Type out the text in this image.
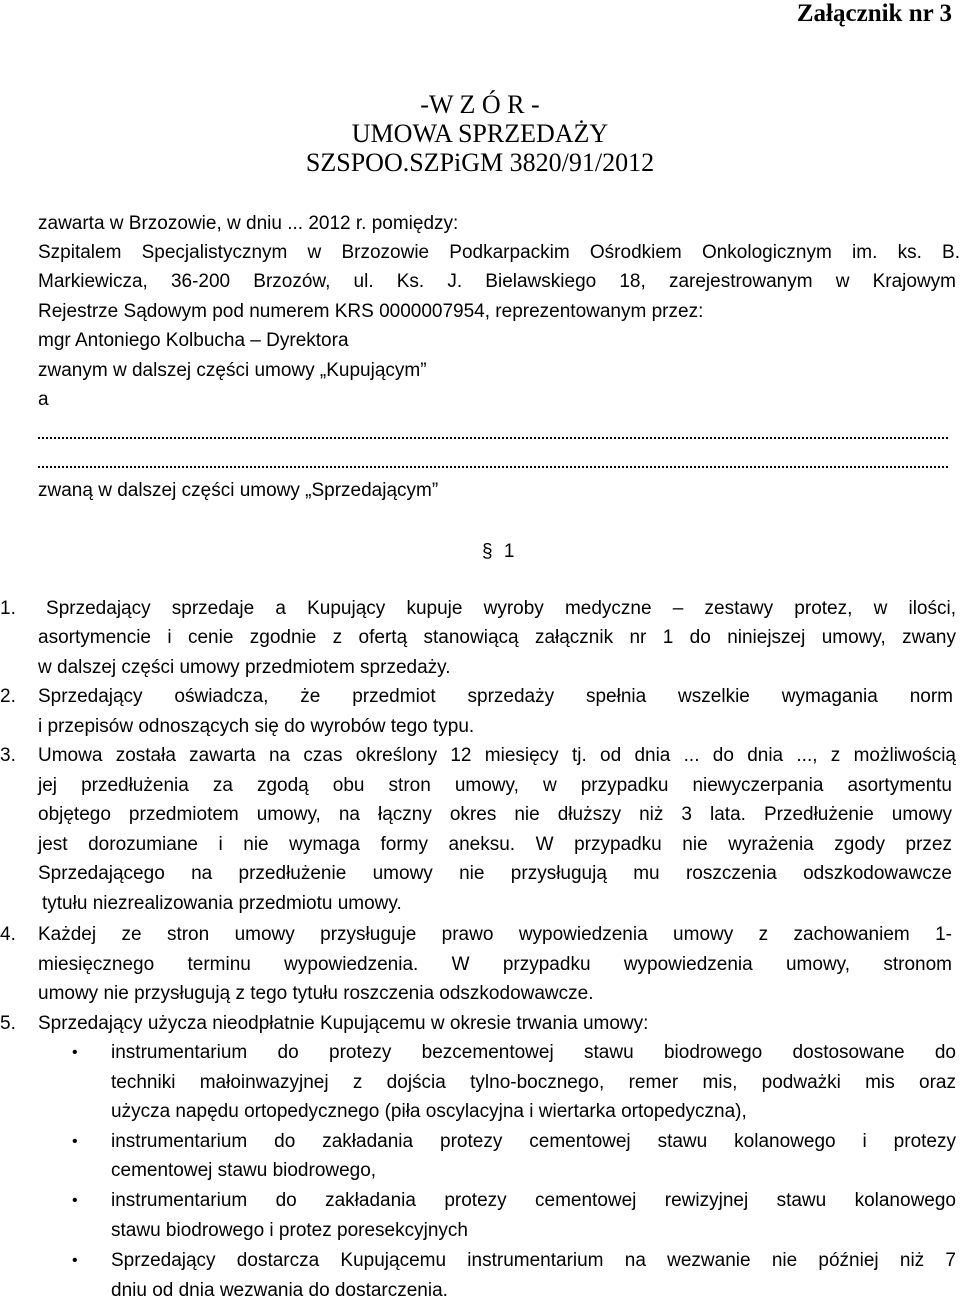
Załącznik nr 3
-W Z Ó R -
UMOWA SPRZEDAŻY
SZSPOO.SZPiGM 3820/91/2012
zawarta w Brzozowie, w dniu ... 2012 r. pomiędzy:
Szpitalem Specjalistycznym w Brzozowie Podkarpackim Ośrodkiem Onkologicznym im. ks. B.
Markiewicza, 36-200 Brzozów, ul. Ks. J. Bielawskiego 18, zarejestrowanym w Krajowym
Rejestrze Sądowym pod numerem KRS 0000007954, reprezentowanym przez:
mgr Antoniego Kolbucha – Dyrektora
zwanym w dalszej części umowy „Kupującym”
a
zwaną w dalszej części umowy „Sprzedającym”
§ 1
1. Sprzedający sprzedaje a Kupujący kupuje wyroby medyczne – zestawy protez, w ilości,
asortymencie i cenie zgodnie z ofertą stanowiącą załącznik nr 1 do niniejszej umowy, zwany
w dalszej części umowy przedmiotem sprzedaży.
2.	Sprzedający oświadcza, że przedmiot sprzedaży spełnia wszelkie wymagania norm
i przepisów odnoszących się do wyrobów tego typu.
3.	Umowa została zawarta na czas określony 12 miesięcy tj. od dnia ... do dnia ..., z możliwością
jej przedłużenia za zgodą obu stron umowy, w przypadku niewyczerpania asortymentu
objętego przedmiotem umowy, na łączny okres nie dłuższy niż 3 lata. Przedłużenie umowy
jest dorozumiane i nie wymaga formy aneksu. W przypadku nie wyrażenia zgody przez
Sprzedającego na przedłużenie umowy nie przysługują mu roszczenia odszkodowawcze
tytułu niezrealizowania przedmiotu umowy.
4.	Każdej ze stron umowy przysługuje prawo wypowiedzenia umowy z zachowaniem 1-
miesięcznego terminu wypowiedzenia. W przypadku wypowiedzenia umowy, stronom
umowy nie przysługują z tego tytułu roszczenia odszkodowawcze.
5.	Sprzedający użycza nieodpłatnie Kupującemu w okresie trwania umowy:
•	instrumentarium do protezy bezcementowej stawu biodrowego dostosowane do
techniki małoinwazyjnej z dojścia tylno-bocznego, remer mis, podważki mis oraz
użycza napędu ortopedycznego (piła oscylacyjna i wiertarka ortopedyczna),
•	instrumentarium do zakładania protezy cementowej stawu kolanowego i protezy
cementowej stawu biodrowego,
•	instrumentarium do zakładania protezy cementowej rewizyjnej stawu kolanowego
stawu biodrowego i protez poresekcyjnych
•	Sprzedający dostarcza Kupującemu instrumentarium na wezwanie nie później niż 7
dniu od dnia wezwania do dostarczenia.
